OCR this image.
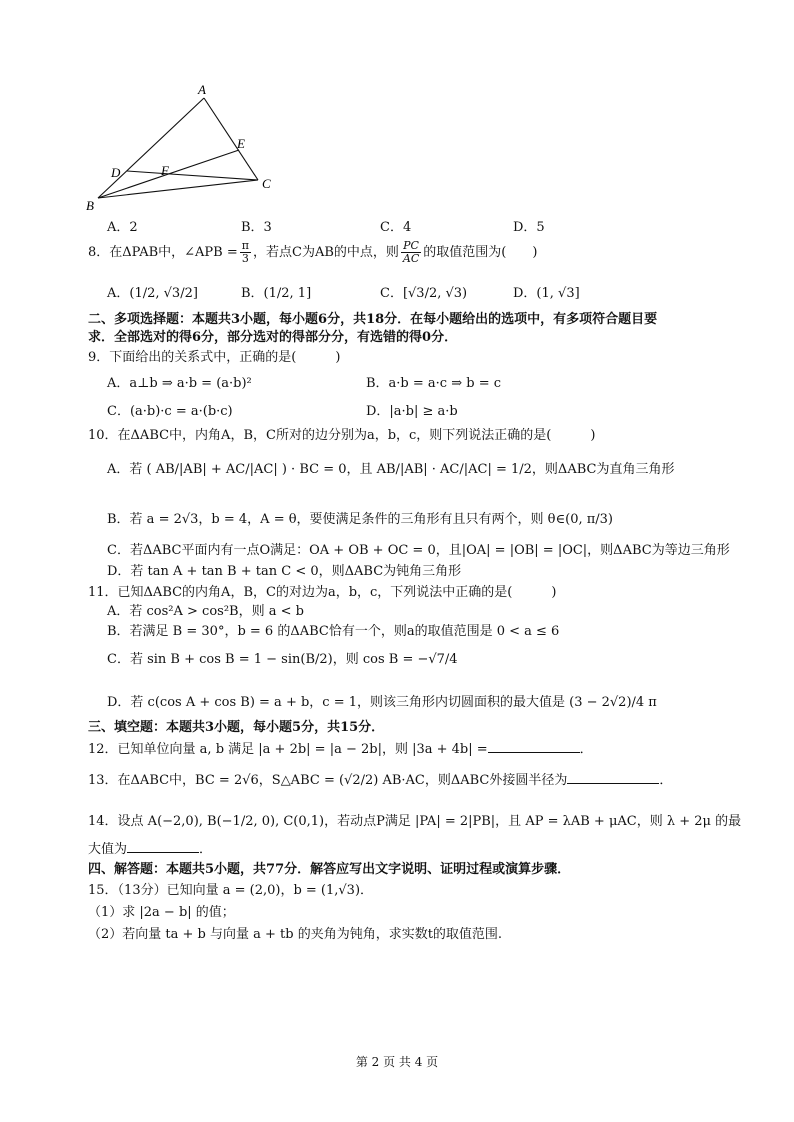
A
B
C
D
E
F
A．2	B．3	C．4	D．5
8．在ΔPAB中，∠APB = $\frac{\pi}{3}$ ，若点C为AB的中点，则 $\frac{PC}{AC}$ 的取值范围为(　　)
A．(1/2, √3/2]	B．(1/2, 1]	C．[√3/2, √3)	D．(1, √3]
二、多项选择题：本题共3小题，每小题6分，共18分．在每小题给出的选项中，有多项符合题目要
求．全部选对的得6分，部分选对的得部分分，有选错的得0分．
9．下面给出的关系式中，正确的是(　　　)
A．a⊥b ⇒ a·b = (a·b)²	B．a·b = a·c ⇒ b = c
C．(a·b)·c = a·(b·c)	D．|a·b| ≥ a·b
10．在ΔABC中，内角A，B，C所对的边分别为a，b，c，则下列说法正确的是(　　　)
A．若 ( AB/|AB| + AC/|AC| ) · BC = 0，且 AB/|AB| · AC/|AC| = 1/2，则ΔABC为直角三角形
B．若 a = 2√3，b = 4，A = θ，要使满足条件的三角形有且只有两个，则 θ∈(0, π/3)
C．若ΔABC平面内有一点O满足：OA + OB + OC = 0，且|OA| = |OB| = |OC|，则ΔABC为等边三角形
D．若 tan A + tan B + tan C < 0，则ΔABC为钝角三角形
11．已知ΔABC的内角A，B，C的对边为a，b，c，下列说法中正确的是(　　　)
A．若 cos²A > cos²B，则 a < b
B．若满足 B = 30°，b = 6 的ΔABC恰有一个，则a的取值范围是 0 < a ≤ 6
C．若 sin B + cos B = 1 − sin(B/2)，则 cos B = −√7/4
D．若 c(cos A + cos B) = a + b，c = 1，则该三角形内切圆面积的最大值是 (3 − 2√2)/4 π
三、填空题：本题共3小题，每小题5分，共15分．
12．已知单位向量 a, b 满足 |a + 2b| = |a − 2b|，则 |3a + 4b| =	．
13．在ΔABC中，BC = 2√6，S△ABC = (√2/2) AB·AC，则ΔABC外接圆半径为	．
14．设点 A(−2,0), B(−1/2, 0), C(0,1)，若动点P满足 |PA| = 2|PB|，且 AP = λAB + μAC，则 λ + 2μ 的最
大值为	．
四、解答题：本题共5小题，共77分．解答应写出文字说明、证明过程或演算步骤．
15．（13分）已知向量 a = (2,0)，b = (1,√3)．
（1）求 |2a − b| 的值；
（2）若向量 ta + b 与向量 a + tb 的夹角为钝角，求实数t的取值范围.
第 2 页 共 4 页
